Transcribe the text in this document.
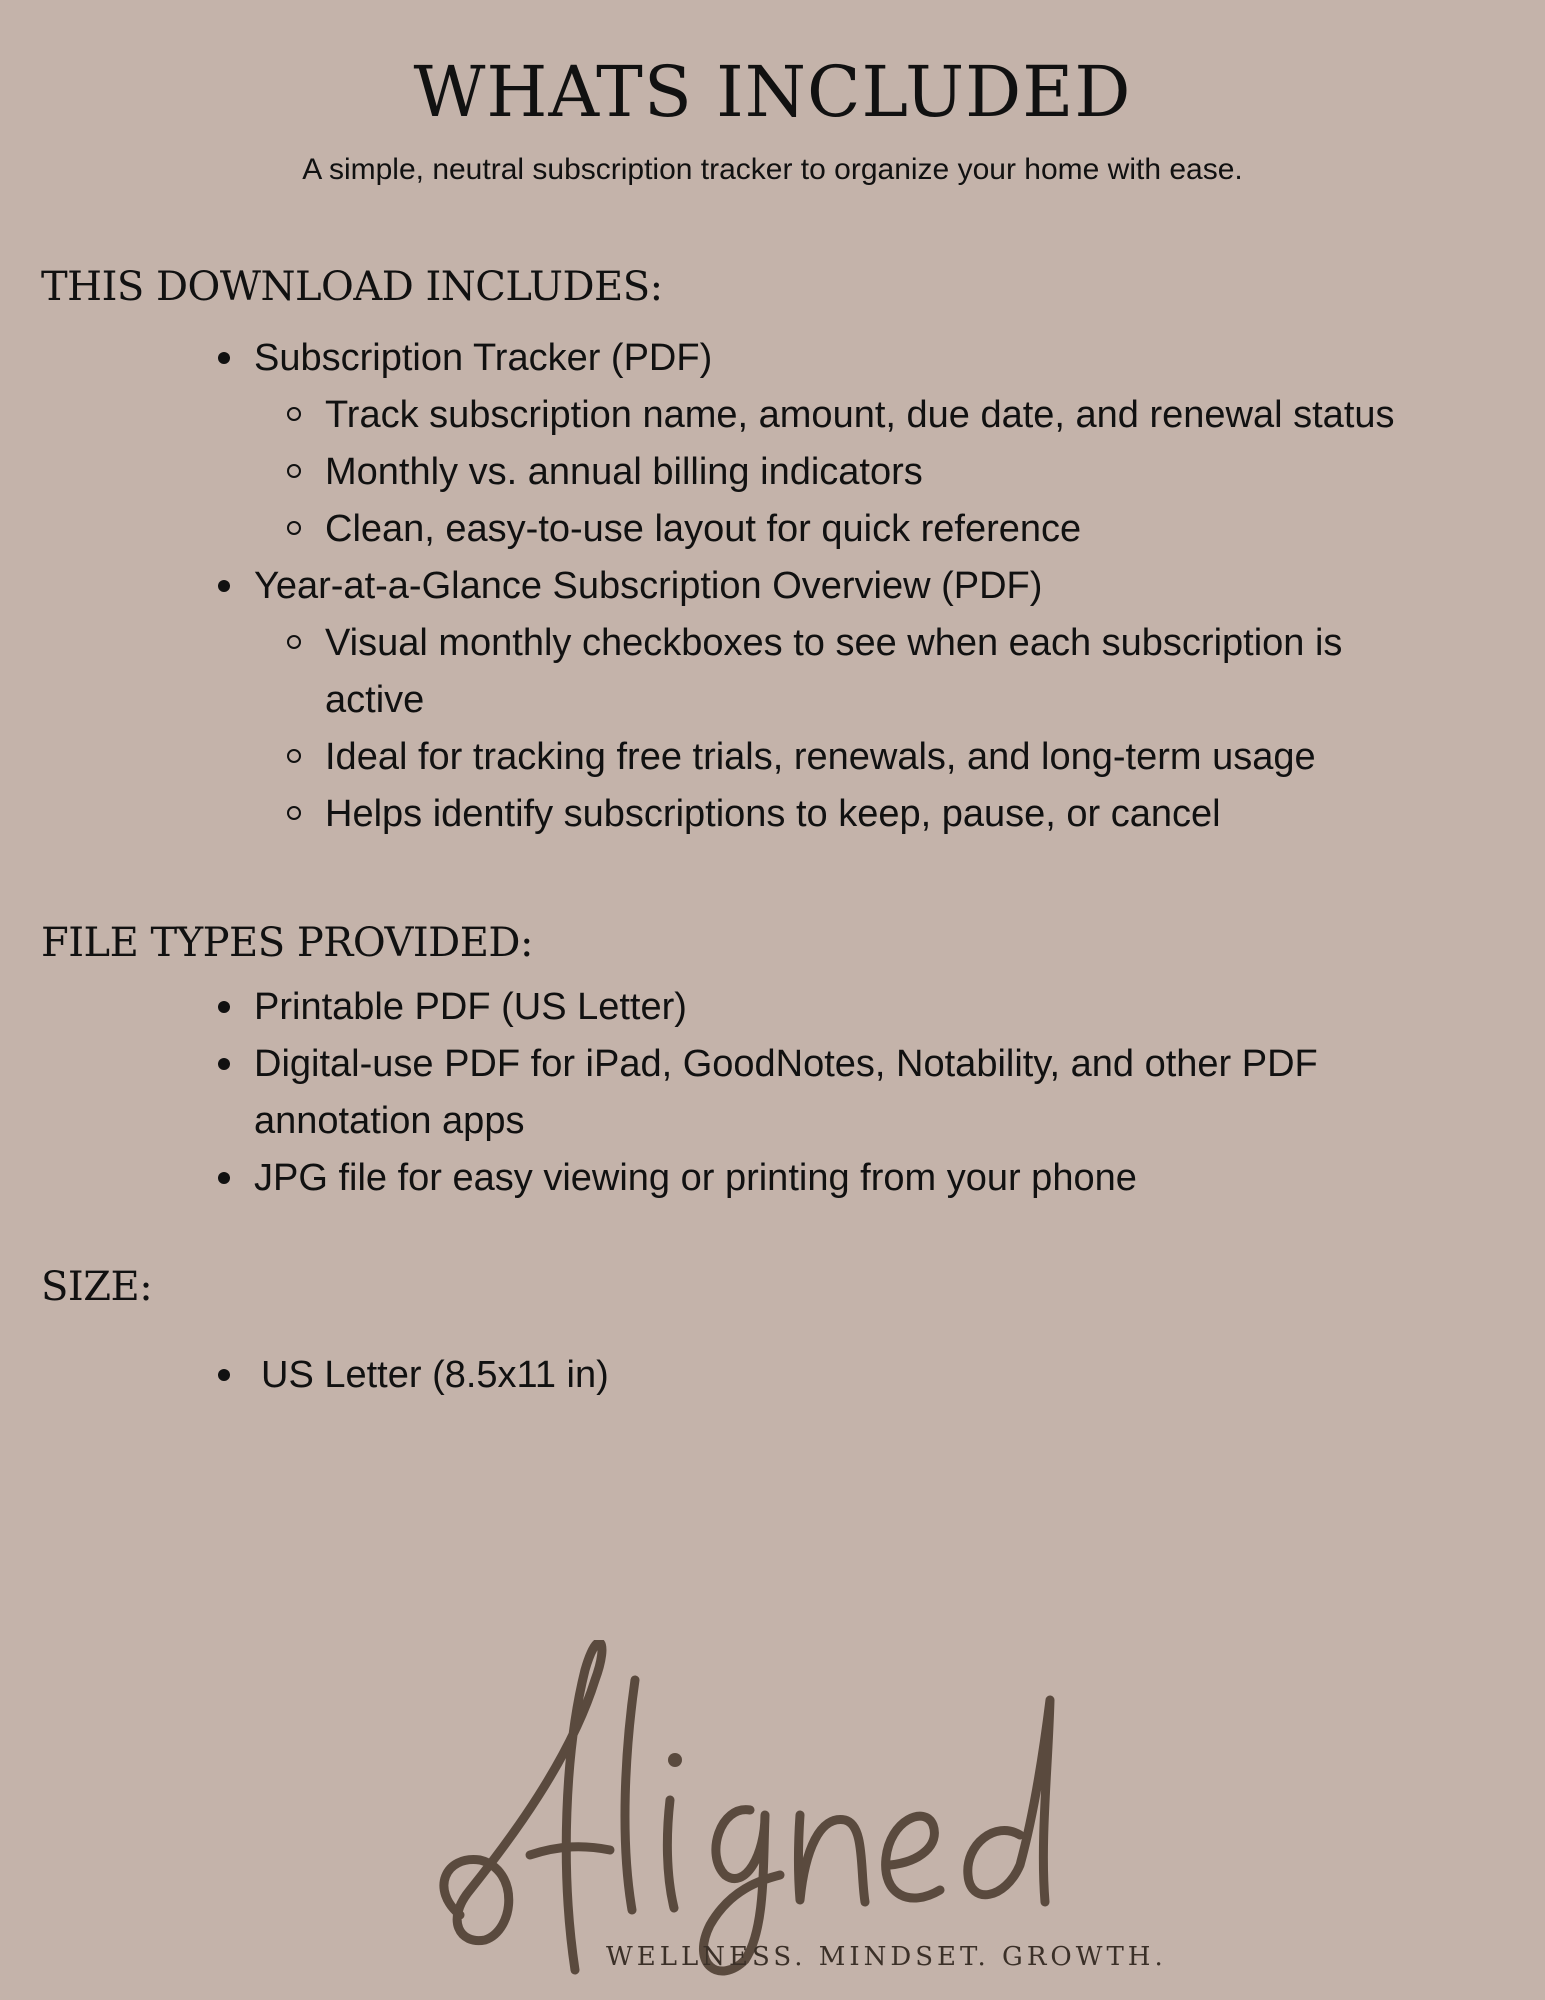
WHATS INCLUDED

A simple, neutral subscription tracker to organize your home with ease.

THIS DOWNLOAD INCLUDES:
Subscription Tracker (PDF)
Track subscription name, amount, due date, and renewal status
Monthly vs. annual billing indicators
Clean, easy-to-use layout for quick reference
Year-at-a-Glance Subscription Overview (PDF)
Visual monthly checkboxes to see when each subscription is active
Ideal for tracking free trials, renewals, and long-term usage
Helps identify subscriptions to keep, pause, or cancel
FILE TYPES PROVIDED:
Printable PDF (US Letter)
Digital-use PDF for iPad, GoodNotes, Notability, and other PDF annotation apps
JPG file for easy viewing or printing from your phone
SIZE:
US Letter (8.5x11 in)

WELLNESS. MINDSET. GROWTH.
